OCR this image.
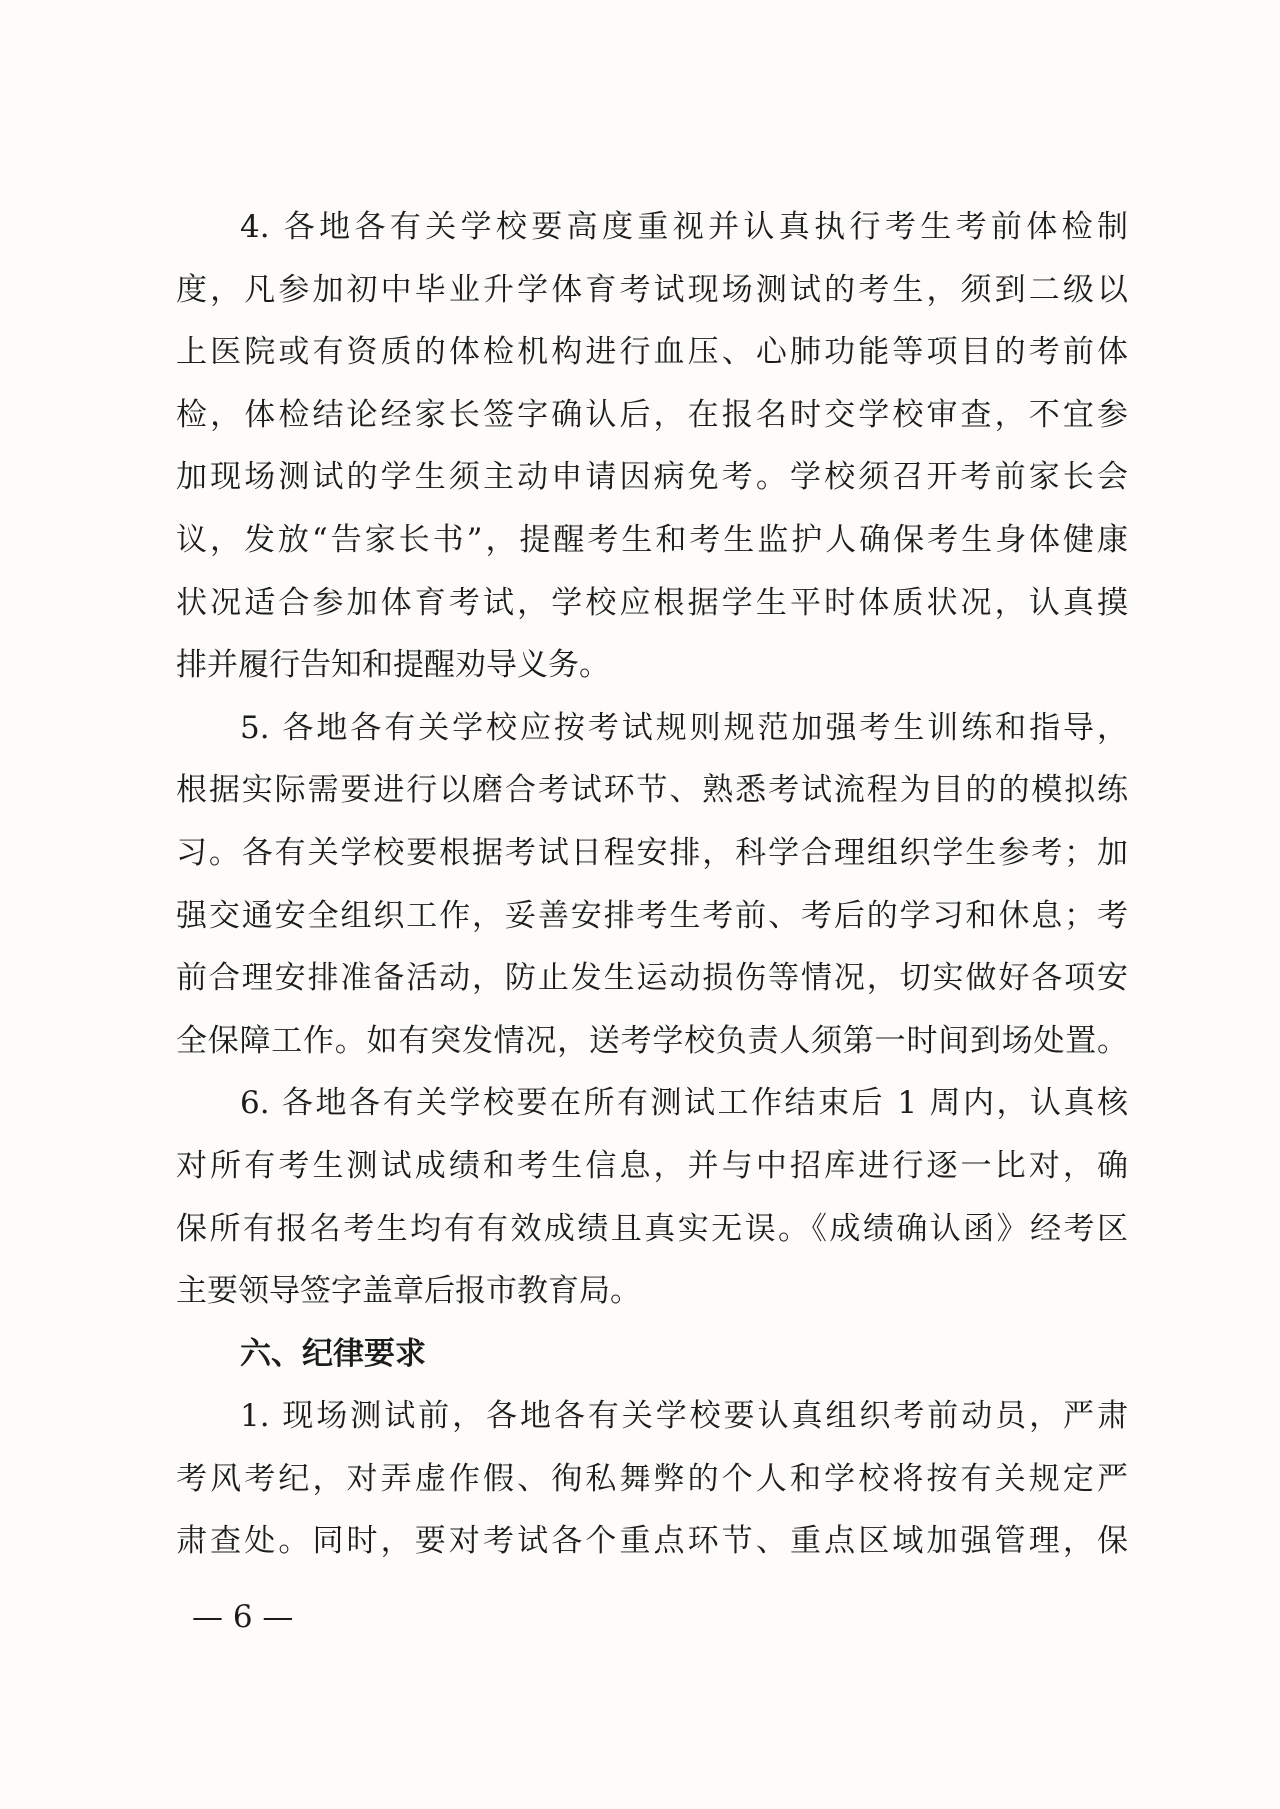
4. 各地各有关学校要高度重视并认真执行考生考前体检制
度，凡参加初中毕业升学体育考试现场测试的考生，须到二级以
上医院或有资质的体检机构进行血压、心肺功能等项目的考前体
检，体检结论经家长签字确认后，在报名时交学校审查，不宜参
加现场测试的学生须主动申请因病免考。学校须召开考前家长会
议，发放“告家长书”，提醒考生和考生监护人确保考生身体健康
状况适合参加体育考试，学校应根据学生平时体质状况，认真摸
排并履行告知和提醒劝导义务。
5. 各地各有关学校应按考试规则规范加强考生训练和指导，
根据实际需要进行以磨合考试环节、熟悉考试流程为目的的模拟练
习。各有关学校要根据考试日程安排，科学合理组织学生参考；加
强交通安全组织工作，妥善安排考生考前、考后的学习和休息；考
前合理安排准备活动，防止发生运动损伤等情况，切实做好各项安
全保障工作。如有突发情况，送考学校负责人须第一时间到场处置。
6. 各地各有关学校要在所有测试工作结束后 1 周内，认真核
对所有考生测试成绩和考生信息，并与中招库进行逐一比对，确
保所有报名考生均有有效成绩且真实无误。《成绩确认函》经考区
主要领导签字盖章后报市教育局。
六、纪律要求
1. 现场测试前，各地各有关学校要认真组织考前动员，严肃
考风考纪，对弄虚作假、徇私舞弊的个人和学校将按有关规定严
肃查处。同时，要对考试各个重点环节、重点区域加强管理，保
— 6 —
